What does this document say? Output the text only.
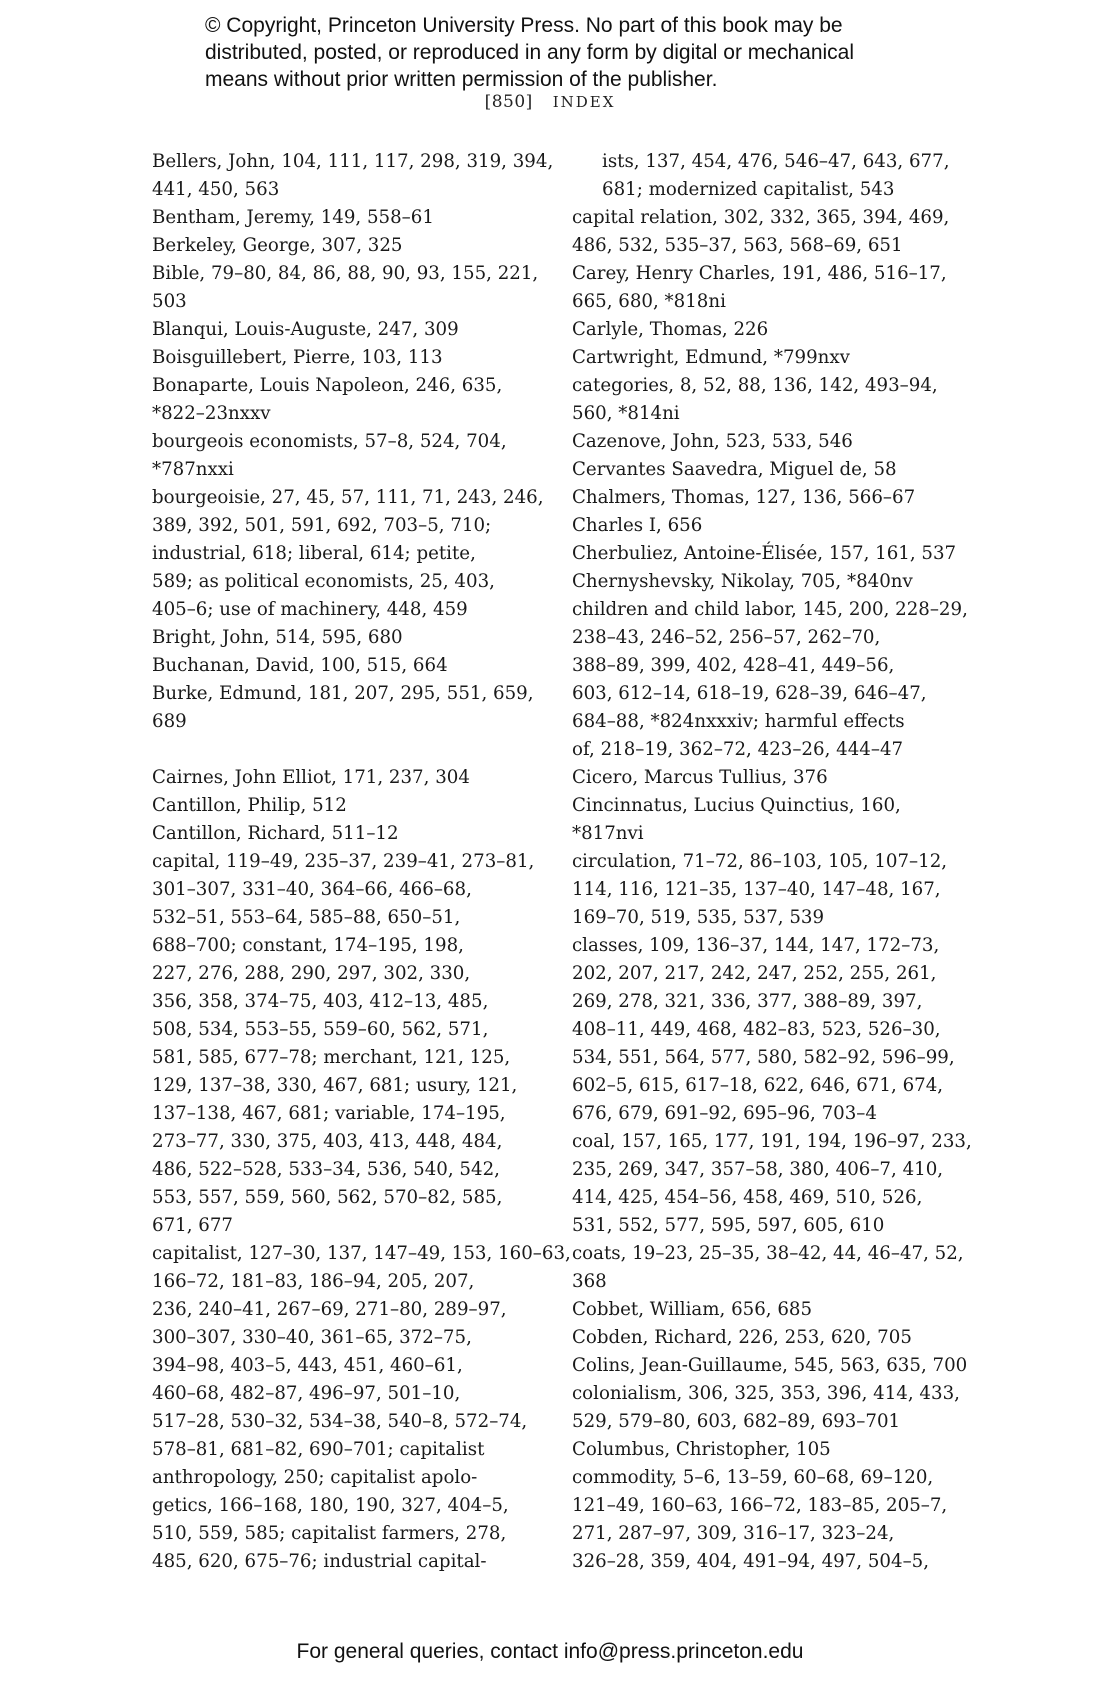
© Copyright, Princeton University Press. No part of this book may be

distributed, posted, or reproduced in any form by digital or mechanical

means without prior written permission of the publisher.

[850] INDEX
Bellers, John, 104, 111, 117, 298, 319, 394,
441, 450, 563
Bentham, Jeremy, 149, 558–61
Berkeley, George, 307, 325
Bible, 79–80, 84, 86, 88, 90, 93, 155, 221,
503
Blanqui, Louis-Auguste, 247, 309
Boisguillebert, Pierre, 103, 113
Bonaparte, Louis Napoleon, 246, 635,
*822–23nxxv
bourgeois economists, 57–8, 524, 704,
*787nxxi
bourgeoisie, 27, 45, 57, 111, 71, 243, 246,
389, 392, 501, 591, 692, 703–5, 710;
industrial, 618; liberal, 614; petite,
589; as political economists, 25, 403,
405–6; use of machinery, 448, 459
Bright, John, 514, 595, 680
Buchanan, David, 100, 515, 664
Burke, Edmund, 181, 207, 295, 551, 659,
689
Cairnes, John Elliot, 171, 237, 304
Cantillon, Philip, 512
Cantillon, Richard, 511–12
capital, 119–49, 235–37, 239–41, 273–81,
301–307, 331–40, 364–66, 466–68,
532–51, 553–64, 585–88, 650–51,
688–700; constant, 174–195, 198,
227, 276, 288, 290, 297, 302, 330,
356, 358, 374–75, 403, 412–13, 485,
508, 534, 553–55, 559–60, 562, 571,
581, 585, 677–78; merchant, 121, 125,
129, 137–38, 330, 467, 681; usury, 121,
137–138, 467, 681; variable, 174–195,
273–77, 330, 375, 403, 413, 448, 484,
486, 522–528, 533–34, 536, 540, 542,
553, 557, 559, 560, 562, 570–82, 585,
671, 677
capitalist, 127–30, 137, 147–49, 153, 160–63,
166–72, 181–83, 186–94, 205, 207,
236, 240–41, 267–69, 271–80, 289–97,
300–307, 330–40, 361–65, 372–75,
394–98, 403–5, 443, 451, 460–61,
460–68, 482–87, 496–97, 501–10,
517–28, 530–32, 534–38, 540–8, 572–74,
578–81, 681–82, 690–701; capitalist
anthropology, 250; capitalist apolo-
getics, 166–168, 180, 190, 327, 404–5,
510, 559, 585; capitalist farmers, 278,
485, 620, 675–76; industrial capital-
ists, 137, 454, 476, 546–47, 643, 677,
681; modernized capitalist, 543
capital relation, 302, 332, 365, 394, 469,
486, 532, 535–37, 563, 568–69, 651
Carey, Henry Charles, 191, 486, 516–17,
665, 680, *818ni
Carlyle, Thomas, 226
Cartwright, Edmund, *799nxv
categories, 8, 52, 88, 136, 142, 493–94,
560, *814ni
Cazenove, John, 523, 533, 546
Cervantes Saavedra, Miguel de, 58
Chalmers, Thomas, 127, 136, 566–67
Charles I, 656
Cherbuliez, Antoine-Élisée, 157, 161, 537
Chernyshevsky, Nikolay, 705, *840nv
children and child labor, 145, 200, 228–29,
238–43, 246–52, 256–57, 262–70,
388–89, 399, 402, 428–41, 449–56,
603, 612–14, 618–19, 628–39, 646–47,
684–88, *824nxxxiv; harmful effects
of, 218–19, 362–72, 423–26, 444–47
Cicero, Marcus Tullius, 376
Cincinnatus, Lucius Quinctius, 160,
*817nvi
circulation, 71–72, 86–103, 105, 107–12,
114, 116, 121–35, 137–40, 147–48, 167,
169–70, 519, 535, 537, 539
classes, 109, 136–37, 144, 147, 172–73,
202, 207, 217, 242, 247, 252, 255, 261,
269, 278, 321, 336, 377, 388–89, 397,
408–11, 449, 468, 482–83, 523, 526–30,
534, 551, 564, 577, 580, 582–92, 596–99,
602–5, 615, 617–18, 622, 646, 671, 674,
676, 679, 691–92, 695–96, 703–4
coal, 157, 165, 177, 191, 194, 196–97, 233,
235, 269, 347, 357–58, 380, 406–7, 410,
414, 425, 454–56, 458, 469, 510, 526,
531, 552, 577, 595, 597, 605, 610
coats, 19–23, 25–35, 38–42, 44, 46–47, 52,
368
Cobbet, William, 656, 685
Cobden, Richard, 226, 253, 620, 705
Colins, Jean-Guillaume, 545, 563, 635, 700
colonialism, 306, 325, 353, 396, 414, 433,
529, 579–80, 603, 682–89, 693–701
Columbus, Christopher, 105
commodity, 5–6, 13–59, 60–68, 69–120,
121–49, 160–63, 166–72, 183–85, 205–7,
271, 287–97, 309, 316–17, 323–24,
326–28, 359, 404, 491–94, 497, 504–5,
For general queries, contact info@press.princeton.edu
